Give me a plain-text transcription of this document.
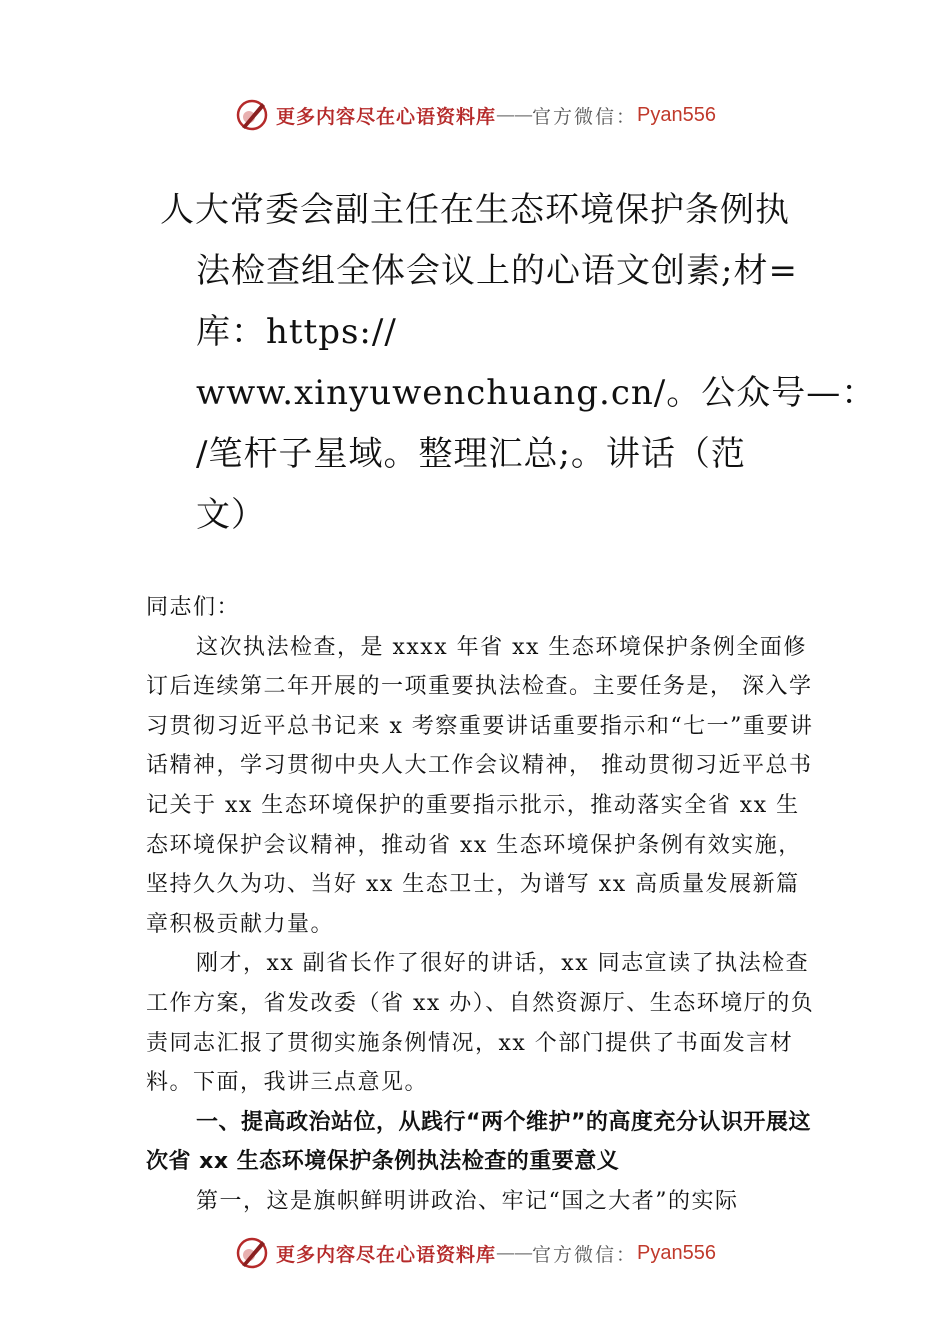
更多内容尽在心语资料库 —— 官方微信： Pyan556
人大常委会副主任在生态环境保护条例执
法检查组全体会议上的心语文创素;材=
库：https://
www.xinyuwenchuang.cn/。公众号—：
/笔杆子星域。整理汇总;。讲话（范
文）

同志们：

这次执法检查，是 xxxx 年省 xx 生态环境保护条例全面修订后连续第二年开展的一项重要执法检查。主要任务是， 深入学习贯彻习近平总书记来 x 考察重要讲话重要指示和“七一”重要讲话精神，学习贯彻中央人大工作会议精神， 推动贯彻习近平总书记关于 xx 生态环境保护的重要指示批示，推动落实全省 xx 生态环境保护会议精神，推动省 xx 生态环境保护条例有效实施，坚持久久为功、当好 xx 生态卫士，为谱写 xx 高质量发展新篇章积极贡献力量。

刚才，xx 副省长作了很好的讲话，xx 同志宣读了执法检查工作方案，省发改委（省 xx 办）、自然资源厅、生态环境厅的负责同志汇报了贯彻实施条例情况，xx 个部门提供了书面发言材料。下面，我讲三点意见。

一、提高政治站位，从践行“两个维护”的高度充分认识开展这次省 xx 生态环境保护条例执法检查的重要意义

第一，这是旗帜鲜明讲政治、牢记“国之大者”的实际

更多内容尽在心语资料库 —— 官方微信： Pyan556
